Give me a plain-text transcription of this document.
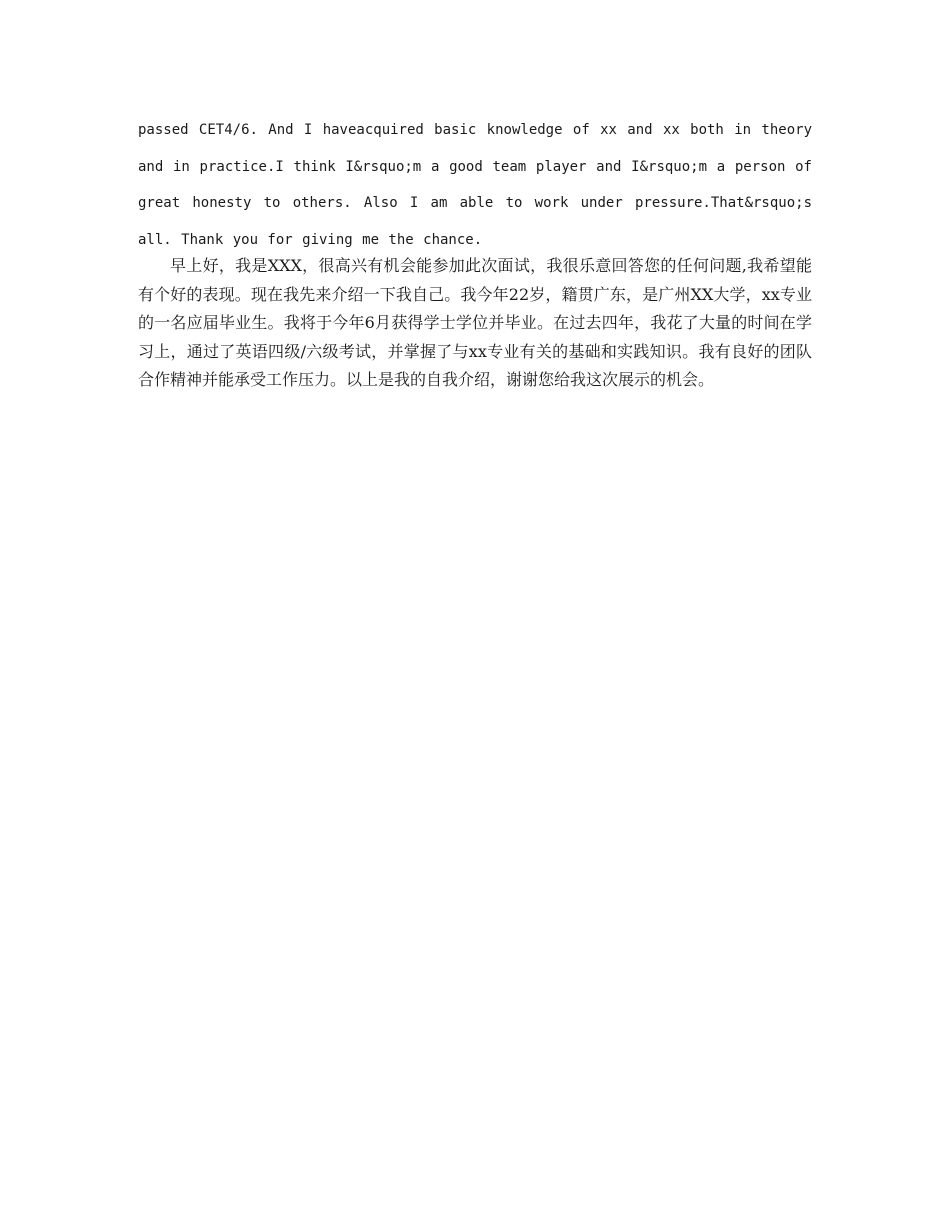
passed CET4/6. And I haveacquired basic knowledge of xx and xx both in theory and in practice.I think I&rsquo;m a good team player and I&rsquo;m a person of great honesty to others. Also I am able to work under pressure.That&rsquo;s all. Thank you for giving me the chance.

早上好，我是XXX，很高兴有机会能参加此次面试，我很乐意回答您的任何问题,我希望能有个好的表现。现在我先来介绍一下我自己。我今年22岁，籍贯广东，是广州XX大学，xx专业的一名应届毕业生。我将于今年6月获得学士学位并毕业。在过去四年，我花了大量的时间在学习上，通过了英语四级/六级考试，并掌握了与xx专业有关的基础和实践知识。我有良好的团队合作精神并能承受工作压力。以上是我的自我介绍，谢谢您给我这次展示的机会。
